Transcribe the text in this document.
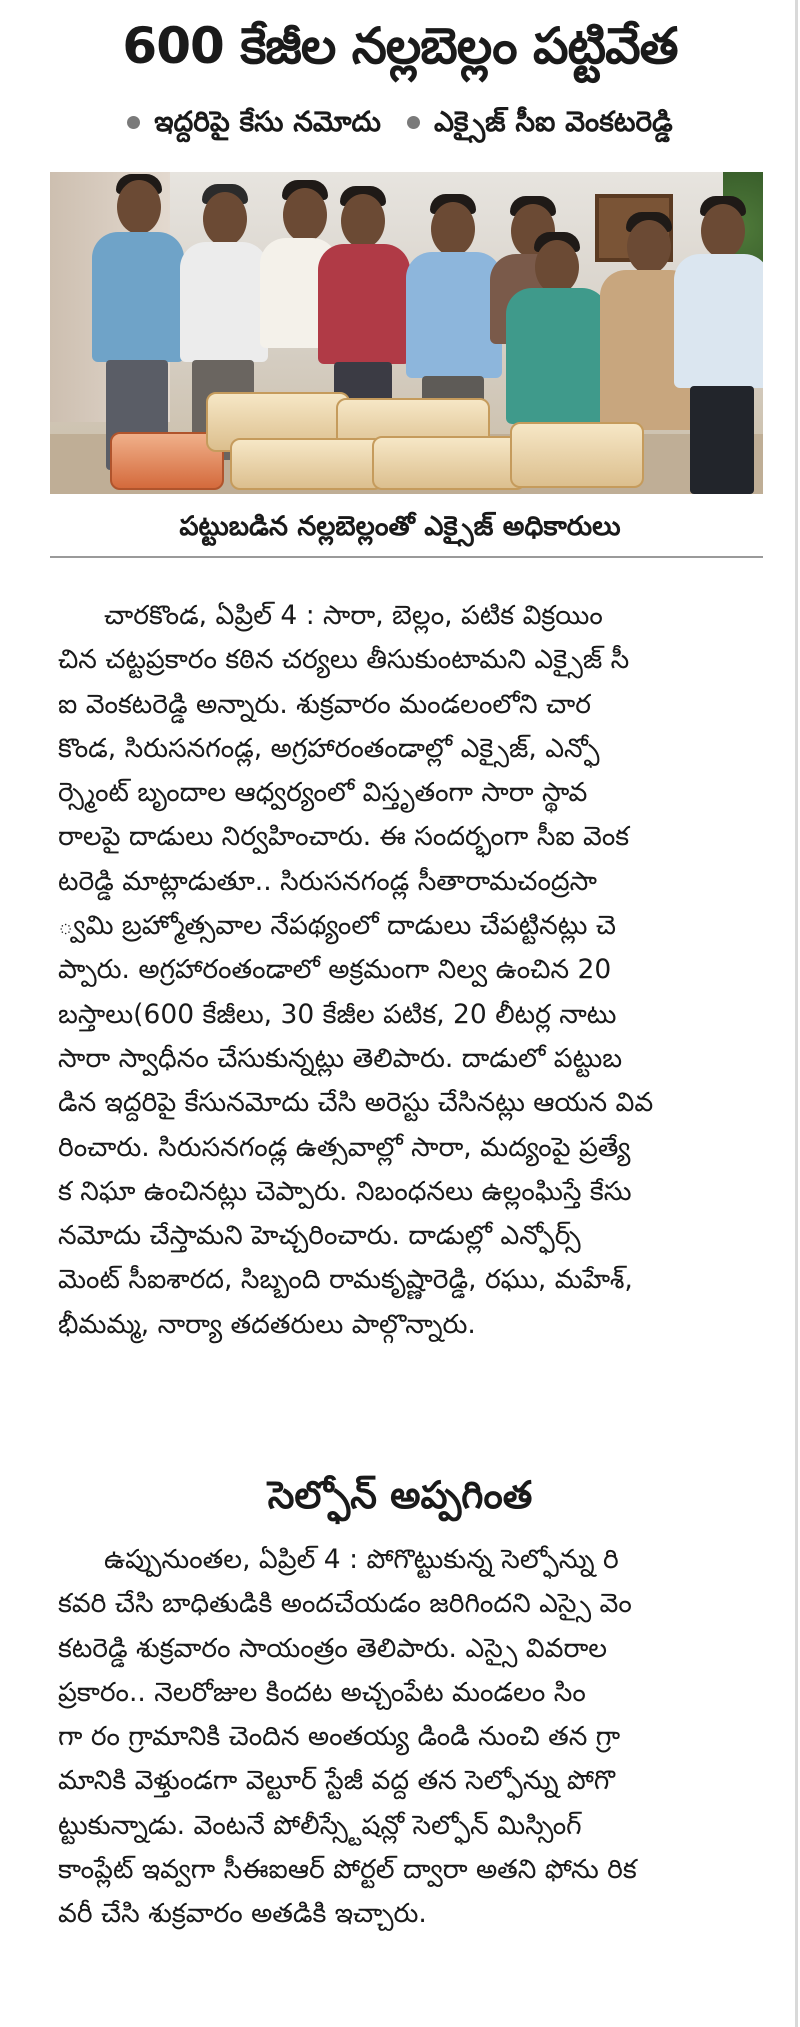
600 కేజీల నల్లబెల్లం పట్టివేత
ఇద్దరిపై కేసు నమోదు ఎక్సైజ్ సీఐ వెంకటరెడ్డి
పట్టుబడిన నల్లబెల్లంతో ఎక్సైజ్ అధికారులు
చారకొండ, ఏప్రిల్ 4 : సారా, బెల్లం, పటిక విక్రయిం
చిన చట్టప్రకారం కఠిన చర్యలు తీసుకుంటామని ఎక్సైజ్ సీ
ఐ వెంకటరెడ్డి అన్నారు. శుక్రవారం మండలంలోని చార
కొండ, సిరుసనగండ్ల, అగ్రహారంతండాల్లో ఎక్సైజ్, ఎన్ఫో
ర్స్మెంట్ బృందాల ఆధ్వర్యంలో విస్తృతంగా సారా స్థావ
రాలపై దాడులు నిర్వహించారు. ఈ సందర్భంగా సీఐ వెంక
టరెడ్డి మాట్లాడుతూ.. సిరుసనగండ్ల సీతారామచంద్రసా
్వమి బ్రహ్మోత్సవాల నేపథ్యంలో దాడులు చేపట్టినట్లు చె
ప్పారు. అగ్రహారంతండాలో అక్రమంగా నిల్వ ఉంచిన 20
బస్తాలు(600 కేజీలు, 30 కేజీల పటిక, 20 లీటర్ల నాటు
సారా స్వాధీనం చేసుకున్నట్లు తెలిపారు. దాడులో పట్టుబ
డిన ఇద్దరిపై కేసునమోదు చేసి అరెస్టు చేసినట్లు ఆయన వివ
రించారు. సిరుసనగండ్ల ఉత్సవాల్లో సారా, మద్యంపై ప్రత్యే
క నిఘా ఉంచినట్లు చెప్పారు. నిబంధనలు ఉల్లంఘిస్తే కేసు
నమోదు చేస్తామని హెచ్చరించారు. దాడుల్లో ఎన్ఫోర్స్
మెంట్ సీఐశారద, సిబ్బంది రామకృష్ణారెడ్డి, రఘు, మహేశ్,
భీమమ్మ, నార్యా తదతరులు పాల్గొన్నారు.
సెల్ఫోన్ అప్పగింత
ఉప్పునుంతల, ఏప్రిల్ 4 : పోగొట్టుకున్న సెల్ఫోన్ను రి
కవరి చేసి బాధితుడికి అందచేయడం జరిగిందని ఎస్సై వెం
కటరెడ్డి శుక్రవారం సాయంత్రం తెలిపారు. ఎస్సై వివరాల
ప్రకారం.. నెలరోజుల కిందట అచ్చంపేట మండలం సిం
గా రం గ్రామానికి చెందిన అంతయ్య డిండి నుంచి తన గ్రా
మానికి వెళ్తుండగా వెల్టూర్ స్టేజీ వద్ద తన సెల్ఫోన్ను పోగొ
ట్టుకున్నాడు. వెంటనే పోలీస్స్టేషన్లో సెల్ఫోన్ మిస్సింగ్
కాంప్లేట్ ఇవ్వగా సీఈఐఆర్ పోర్టల్ ద్వారా అతని ఫోను రిక
వరీ చేసి శుక్రవారం అతడికి ఇచ్చారు.
